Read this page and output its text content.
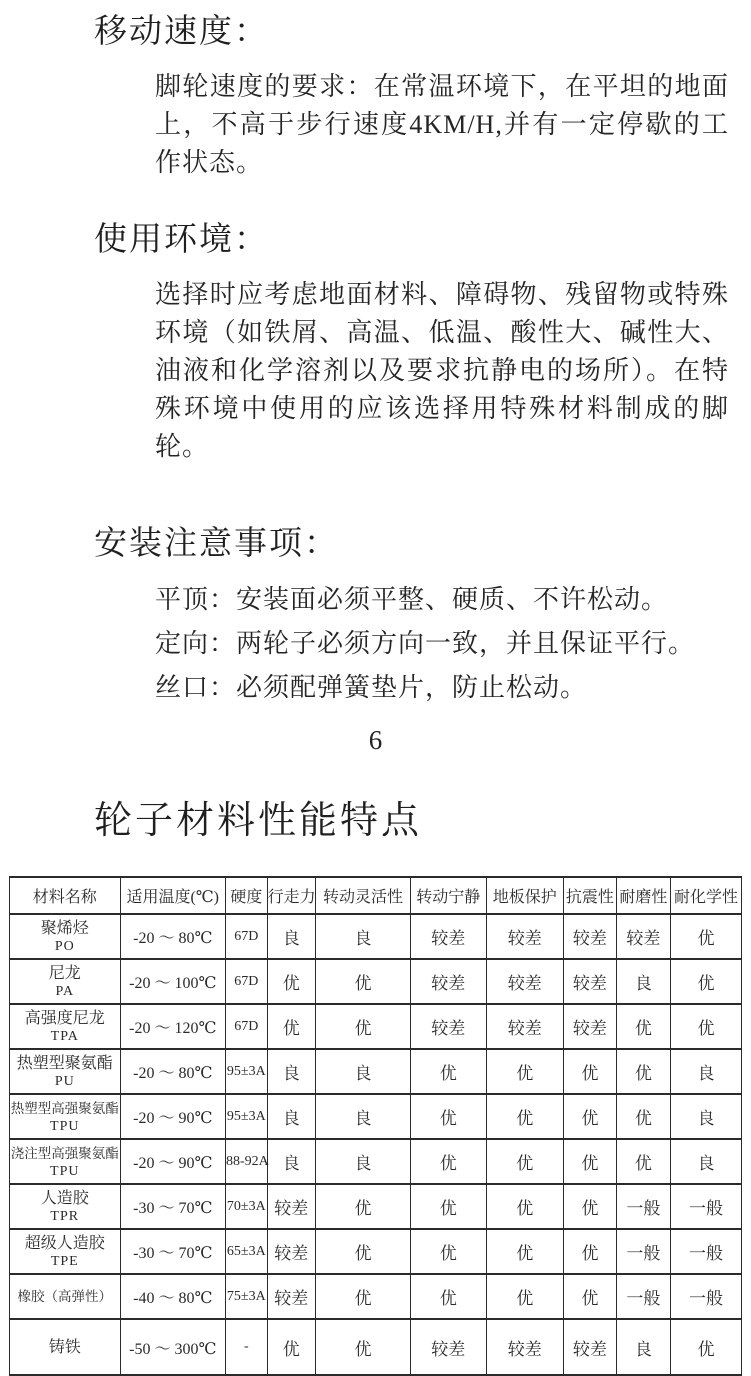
移动速度：

脚轮速度的要求：在常温环境下，在平坦的地面上，不高于步行速度4KM/H,并有一定停歇的工作状态。

使用环境：

选择时应考虑地面材料、障碍物、残留物或特殊环境（如铁屑、高温、低温、酸性大、碱性大、油液和化学溶剂以及要求抗静电的场所）。在特殊环境中使用的应该选择用特殊材料制成的脚轮。

安装注意事项：

平顶：安装面必须平整、硬质、不许松动。

定向：两轮子必须方向一致，并且保证平行。

丝口：必须配弹簧垫片，防止松动。

6
轮子材料性能特点
材料名称	适用温度(℃)	硬度	行走力	转动灵活性	转动宁静	地板保护	抗震性	耐磨性	耐化学性

聚烯烃
PO	-20 ～ 80℃	67D	良	良	较差	较差	较差	较差	优

尼龙
PA	-20 ～ 100℃	67D	优	优	较差	较差	较差	良	优

高强度尼龙
TPA	-20 ～ 120℃	67D	优	优	较差	较差	较差	优	优

热塑型聚氨酯
PU	-20 ～ 80℃	95±3A	良	良	优	优	优	优	良

热塑型高强聚氨酯
TPU	-20 ～ 90℃	95±3A	良	良	优	优	优	优	良

浇注型高强聚氨酯
TPU	-20 ～ 90℃	88-92A	良	良	优	优	优	优	良

人造胶
TPR	-30 ～ 70℃	70±3A	较差	优	优	优	优	一般	一般

超级人造胶
TPE	-30 ～ 70℃	65±3A	较差	优	优	优	优	一般	一般

橡胶（高弹性）	-40 ～ 80℃	75±3A	较差	优	优	优	优	一般	一般

铸铁	-50 ～ 300℃	-	优	优	较差	较差	较差	良	优
